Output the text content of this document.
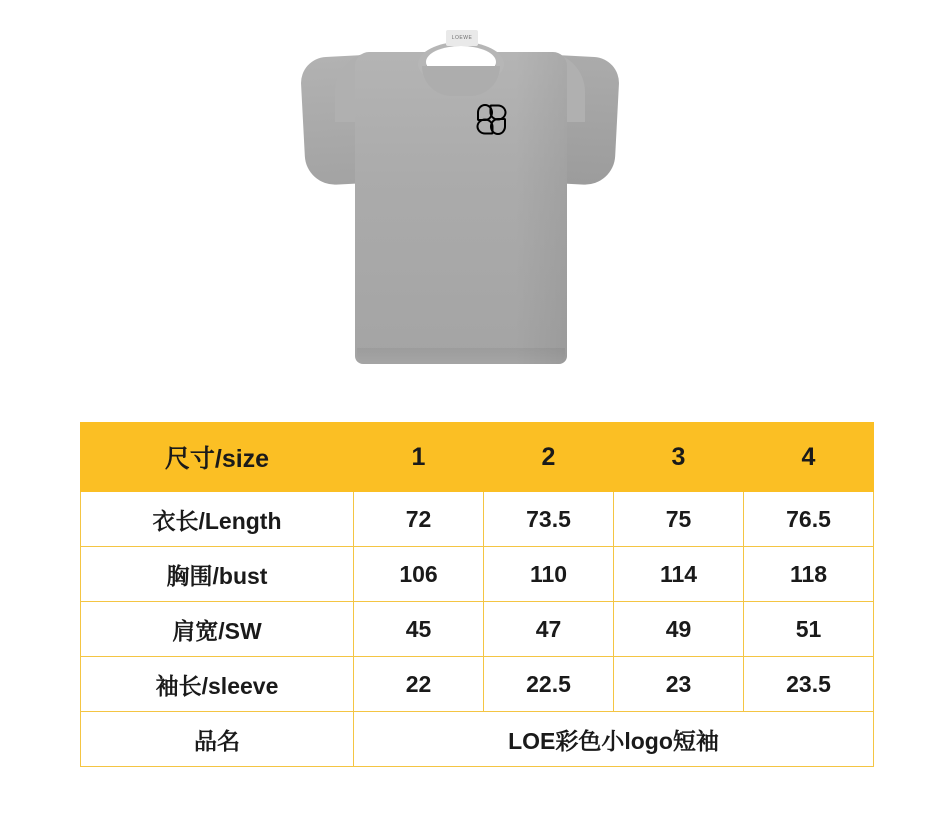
LOEWE
尺寸/size	1	2	3	4
衣长/Length	72	73.5	75	76.5
胸围/bust	106	110	114	118
肩宽/SW	45	47	49	51
袖长/sleeve	22	22.5	23	23.5
品名	LOE彩色小logo短袖			
